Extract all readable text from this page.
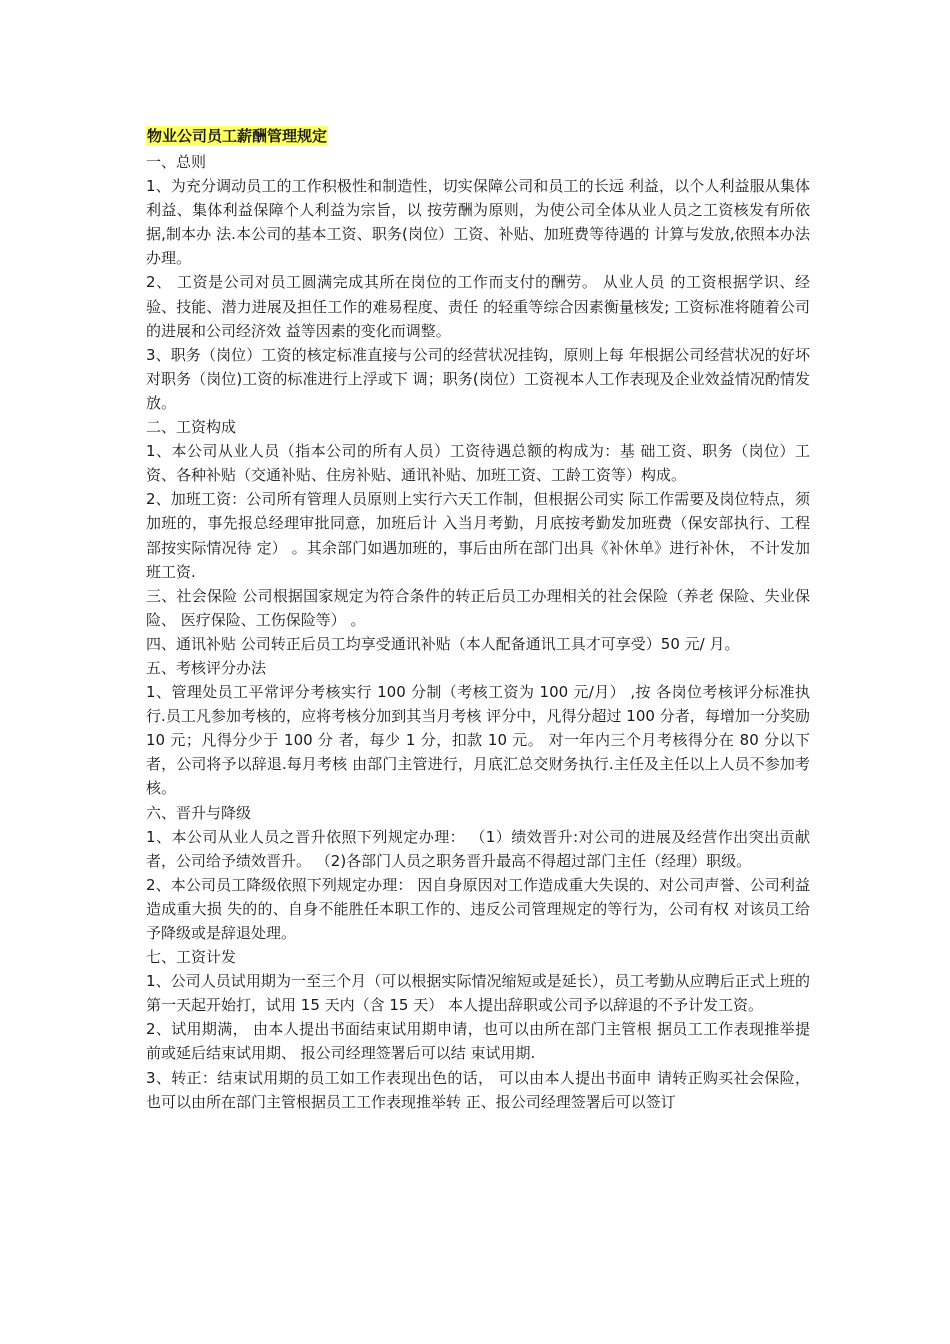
物业公司员工薪酬管理规定

一、总则

1、为充分调动员工的工作积极性和制造性，切实保障公司和员工的长远 利益，以个人利益服从集体利益、集体利益保障个人利益为宗旨，以 按劳酬为原则，为使公司全体从业人员之工资核发有所依据,制本办 法.本公司的基本工资、职务(岗位）工资、补贴、加班费等待遇的 计算与发放,依照本办法办理。

2、 工资是公司对员工圆满完成其所在岗位的工作而支付的酬劳。 从业人员 的工资根据学识、经验、技能、潜力进展及担任工作的难易程度、责任 的轻重等综合因素衡量核发; 工资标准将随着公司的进展和公司经济效 益等因素的变化而调整。

3、职务（岗位）工资的核定标准直接与公司的经营状况挂钩，原则上每 年根据公司经营状况的好坏对职务（岗位)工资的标准进行上浮或下 调；职务(岗位）工资视本人工作表现及企业效益情况酌情发放。

二、工资构成

1、本公司从业人员（指本公司的所有人员）工资待遇总额的构成为：基 础工资、职务（岗位）工资、各种补贴（交通补贴、住房补贴、通讯补贴、加班工资、工龄工资等）构成。

2、加班工资：公司所有管理人员原则上实行六天工作制，但根据公司实 际工作需要及岗位特点，须加班的，事先报总经理审批同意，加班后计 入当月考勤，月底按考勤发加班费（保安部执行、工程部按实际情况待 定） 。其余部门如遇加班的，事后由所在部门出具《补休单》进行补休， 不计发加班工资.

三、社会保险 公司根据国家规定为符合条件的转正后员工办理相关的社会保险（养老 保险、失业保险、 医疗保险、工伤保险等） 。

四、通讯补贴 公司转正后员工均享受通讯补贴（本人配备通讯工具才可享受）50 元/ 月。

五、考核评分办法

1、管理处员工平常评分考核实行 100 分制（考核工资为 100 元/月） ,按 各岗位考核评分标准执行.员工凡参加考核的，应将考核分加到其当月考核 评分中，凡得分超过 100 分者，每增加一分奖励 10 元；凡得分少于 100 分 者，每少 1 分，扣款 10 元。 对一年内三个月考核得分在 80 分以下者，公司将予以辞退.每月考核 由部门主管进行，月底汇总交财务执行.主任及主任以上人员不参加考核。

六、晋升与降级

1、本公司从业人员之晋升依照下列规定办理： （1）绩效晋升:对公司的进展及经营作出突出贡献者，公司给予绩效晋升。 （2)各部门人员之职务晋升最高不得超过部门主任（经理）职级。

2、本公司员工降级依照下列规定办理： 因自身原因对工作造成重大失误的、对公司声誉、公司利益造成重大损 失的的、自身不能胜任本职工作的、违反公司管理规定的等行为，公司有权 对该员工给予降级或是辞退处理。

七、工资计发

1、公司人员试用期为一至三个月（可以根据实际情况缩短或是延长），员工考勤从应聘后正式上班的第一天起开始打，试用 15 天内（含 15 天） 本人提出辞职或公司予以辞退的不予计发工资。

2、试用期满， 由本人提出书面结束试用期申请，也可以由所在部门主管根 据员工工作表现推举提前或延后结束试用期、 报公司经理签署后可以结 束试用期.

3、转正：结束试用期的员工如工作表现出色的话， 可以由本人提出书面申 请转正购买社会保险， 也可以由所在部门主管根据员工工作表现推举转 正、报公司经理签署后可以签订
